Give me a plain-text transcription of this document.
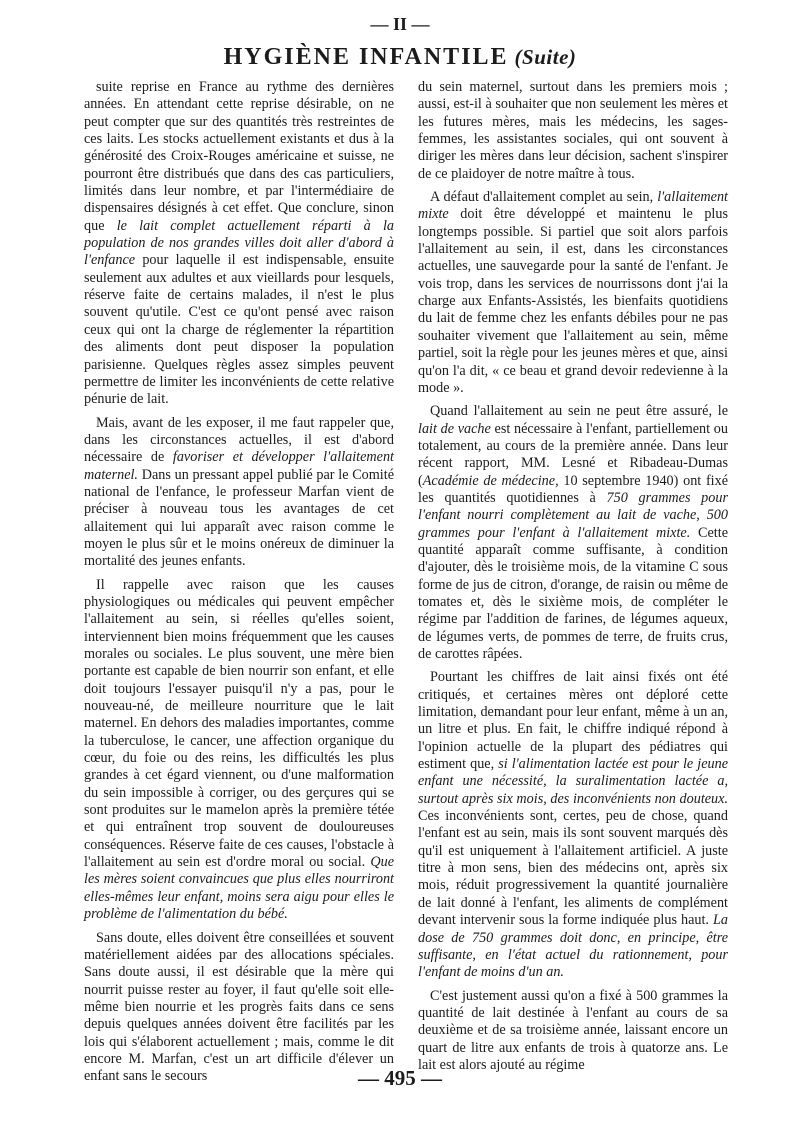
— II —
HYGIÈNE INFANTILE (Suite)

suite reprise en France au rythme des dernières années. En attendant cette reprise désirable, on ne peut compter que sur des quantités très restreintes de ces laits. Les stocks actuellement existants et dus à la générosité des Croix-Rouges américaine et suisse, ne pourront être distribués que dans des cas particuliers, limités dans leur nombre, et par l'intermédiaire de dispensaires désignés à cet effet. Que conclure, sinon que le lait complet actuellement réparti à la population de nos grandes villes doit aller d'abord à l'enfance pour laquelle il est indispensable, ensuite seulement aux adultes et aux vieillards pour lesquels, réserve faite de certains malades, il n'est le plus souvent qu'utile. C'est ce qu'ont pensé avec raison ceux qui ont la charge de réglementer la répartition des aliments dont peut disposer la population parisienne. Quelques règles assez simples peuvent permettre de limiter les inconvénients de cette relative pénurie de lait.

Mais, avant de les exposer, il me faut rappeler que, dans les circonstances actuelles, il est d'abord nécessaire de favoriser et développer l'allaitement maternel. Dans un pressant appel publié par le Comité national de l'enfance, le professeur Marfan vient de préciser à nouveau tous les avantages de cet allaitement qui lui apparaît avec raison comme le moyen le plus sûr et le moins onéreux de diminuer la mortalité des jeunes enfants.

Il rappelle avec raison que les causes physiologiques ou médicales qui peuvent empêcher l'allaitement au sein, si réelles qu'elles soient, interviennent bien moins fréquemment que les causes morales ou sociales. Le plus souvent, une mère bien portante est capable de bien nourrir son enfant, et elle doit toujours l'essayer puisqu'il n'y a pas, pour le nouveau-né, de meilleure nourriture que le lait maternel. En dehors des maladies importantes, comme la tuberculose, le cancer, une affection organique du cœur, du foie ou des reins, les difficultés les plus grandes à cet égard viennent, ou d'une malformation du sein impossible à corriger, ou des gerçures qui se sont produites sur le mamelon après la première tétée et qui entraînent trop souvent de douloureuses conséquences. Réserve faite de ces causes, l'obstacle à l'allaitement au sein est d'ordre moral ou social. Que les mères soient convaincues que plus elles nourriront elles-mêmes leur enfant, moins sera aigu pour elles le problème de l'alimentation du bébé.

Sans doute, elles doivent être conseillées et souvent matériellement aidées par des allocations spéciales. Sans doute aussi, il est désirable que la mère qui nourrit puisse rester au foyer, il faut qu'elle soit elle-même bien nourrie et les progrès faits dans ce sens depuis quelques années doivent être facilités par les lois qui s'élaborent actuellement ; mais, comme le dit encore M. Marfan, c'est un art difficile d'élever un enfant sans le secours

du sein maternel, surtout dans les premiers mois ; aussi, est-il à souhaiter que non seulement les mères et les futures mères, mais les médecins, les sages-femmes, les assistantes sociales, qui ont souvent à diriger les mères dans leur décision, sachent s'inspirer de ce plaidoyer de notre maître à tous.

A défaut d'allaitement complet au sein, l'allaitement mixte doit être développé et maintenu le plus longtemps possible. Si partiel que soit alors parfois l'allaitement au sein, il est, dans les circonstances actuelles, une sauvegarde pour la santé de l'enfant. Je vois trop, dans les services de nourrissons dont j'ai la charge aux Enfants-Assistés, les bienfaits quotidiens du lait de femme chez les enfants débiles pour ne pas souhaiter vivement que l'allaitement au sein, même partiel, soit la règle pour les jeunes mères et que, ainsi qu'on l'a dit, « ce beau et grand devoir redevienne à la mode ».

Quand l'allaitement au sein ne peut être assuré, le lait de vache est nécessaire à l'enfant, partiellement ou totalement, au cours de la première année. Dans leur récent rapport, MM. Lesné et Ribadeau-Dumas (Académie de médecine, 10 septembre 1940) ont fixé les quantités quotidiennes à 750 grammes pour l'enfant nourri complètement au lait de vache, 500 grammes pour l'enfant à l'allaitement mixte. Cette quantité apparaît comme suffisante, à condition d'ajouter, dès le troisième mois, de la vitamine C sous forme de jus de citron, d'orange, de raisin ou même de tomates et, dès le sixième mois, de compléter le régime par l'addition de farines, de légumes aqueux, de légumes verts, de pommes de terre, de fruits crus, de carottes râpées.

Pourtant les chiffres de lait ainsi fixés ont été critiqués, et certaines mères ont déploré cette limitation, demandant pour leur enfant, même à un an, un litre et plus. En fait, le chiffre indiqué répond à l'opinion actuelle de la plupart des pédiatres qui estiment que, si l'alimentation lactée est pour le jeune enfant une nécessité, la suralimentation lactée a, surtout après six mois, des inconvénients non douteux. Ces inconvénients sont, certes, peu de chose, quand l'enfant est au sein, mais ils sont souvent marqués dès qu'il est uniquement à l'allaitement artificiel. A juste titre à mon sens, bien des médecins ont, après six mois, réduit progressivement la quantité journalière de lait donné à l'enfant, les aliments de complément devant intervenir sous la forme indiquée plus haut. La dose de 750 grammes doit donc, en principe, être suffisante, en l'état actuel du rationnement, pour l'enfant de moins d'un an.

C'est justement aussi qu'on a fixé à 500 grammes la quantité de lait destinée à l'enfant au cours de sa deuxième et de sa troisième année, laissant encore un quart de litre aux enfants de trois à quatorze ans. Le lait est alors ajouté au régime

— 495 —
